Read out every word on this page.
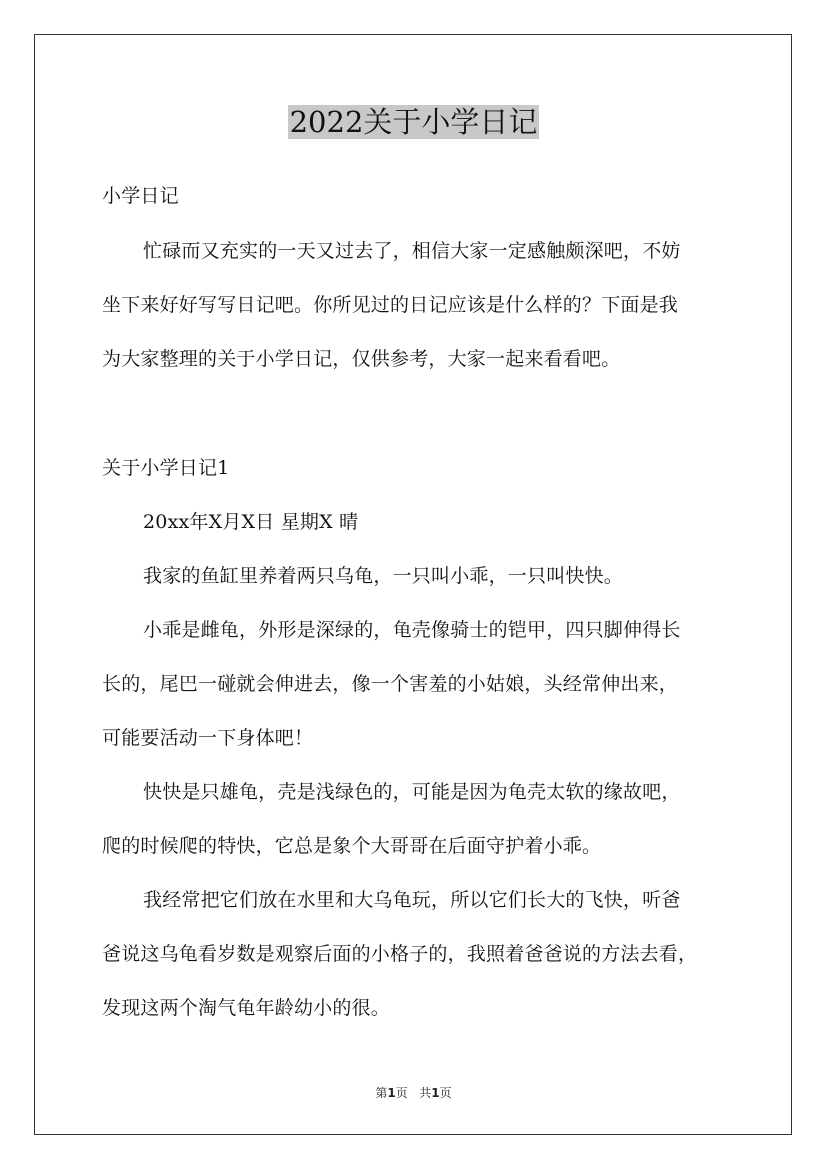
2022关于小学日记
小学日记
忙碌而又充实的一天又过去了，相信大家一定感触颇深吧，不妨
坐下来好好写写日记吧。你所见过的日记应该是什么样的？下面是我
为大家整理的关于小学日记，仅供参考，大家一起来看看吧。
关于小学日记1
20xx年X月X日 星期X 晴
我家的鱼缸里养着两只乌龟，一只叫小乖，一只叫快快。
小乖是雌龟，外形是深绿的，龟壳像骑士的铠甲，四只脚伸得长
长的，尾巴一碰就会伸进去，像一个害羞的小姑娘，头经常伸出来，
可能要活动一下身体吧！
快快是只雄龟，壳是浅绿色的，可能是因为龟壳太软的缘故吧，
爬的时候爬的特快，它总是象个大哥哥在后面守护着小乖。
我经常把它们放在水里和大乌龟玩，所以它们长大的飞快，听爸
爸说这乌龟看岁数是观察后面的小格子的，我照着爸爸说的方法去看，
发现这两个淘气龟年龄幼小的很。
第1页 共1页
